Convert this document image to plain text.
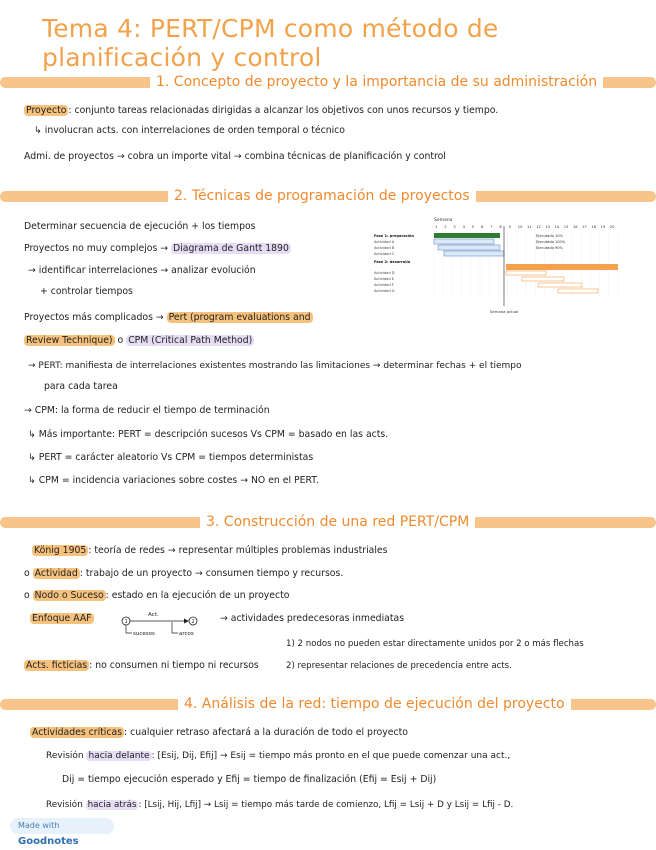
Tema 4: PERT/CPM como método de planificación y control
1. Concepto de proyecto y la importancia de su administración
Proyecto : conjunto tareas relacionadas dirigidas a alcanzar los objetivos con unos recursos y tiempo.
↳ involucran acts. con interrelaciones de orden temporal o técnico
Admi. de proyectos → cobra un importe vital → combina técnicas de planificación y control
2. Técnicas de programación de proyectos
Determinar secuencia de ejecución + los tiempos
Proyectos no muy complejos → Diagrama de Gantt 1890
→ identificar interrelaciones → analizar evolución
+ controlar tiempos
Proyectos más complicados → Pert (program evaluations and
Review Technique) o CPM (Critical Path Method)
→ PERT: manifiesta de interrelaciones existentes mostrando las limitaciones → determinar fechas + el tiempo
para cada tarea
→ CPM: la forma de reducir el tiempo de terminación
↳ Más importante: PERT = descripción sucesos Vs CPM = basado en las acts.
↳ PERT = carácter aleatorio Vs CPM = tiempos deterministas
↳ CPM = incidencia variaciones sobre costes → NO en el PERT.
Semana
1 2 3 4 5 6 7 8 9 10 11 12 13 14 15 16 17 18 19 20
Fase 1: preparación
Actividad A
Actividad B
Actividad C
Fase 2: desarrollo
Actividad D
Actividad E
Actividad F
Actividad G
Ejecutado 10%
Ejecutado 100%
Ejecutado 90%
Semana actual
3. Construcción de una red PERT/CPM
König 1905 : teoría de redes → representar múltiples problemas industriales
o Actividad : trabajo de un proyecto → consumen tiempo y recursos.
o Nodo o Suceso : estado en la ejecución de un proyecto
Enfoque AAF	1	2
Act.
sucesos	arcos
→ actividades predecesoras inmediatas
1) 2 nodos no pueden estar directamente unidos por 2 o más flechas
Acts. ficticias : no consumen ni tiempo ni recursos	2) representar relaciones de precedencia entre acts.
4. Análisis de la red: tiempo de ejecución del proyecto
Actividades críticas : cualquier retraso afectará a la duración de todo el proyecto
Revisión hacia delante : [Esij, Dij, Efij] → Esij = tiempo más pronto en el que puede comenzar una act.,
Dij = tiempo ejecución esperado y Efij = tiempo de finalización (Efij = Esij + Dij)
Revisión hacia atrás : [Lsij, Hij, Lfij] → Lsij = tiempo más tarde de comienzo, Lfij = Lsij + D y Lsij = Lfij - D.
Made with Goodnotes
